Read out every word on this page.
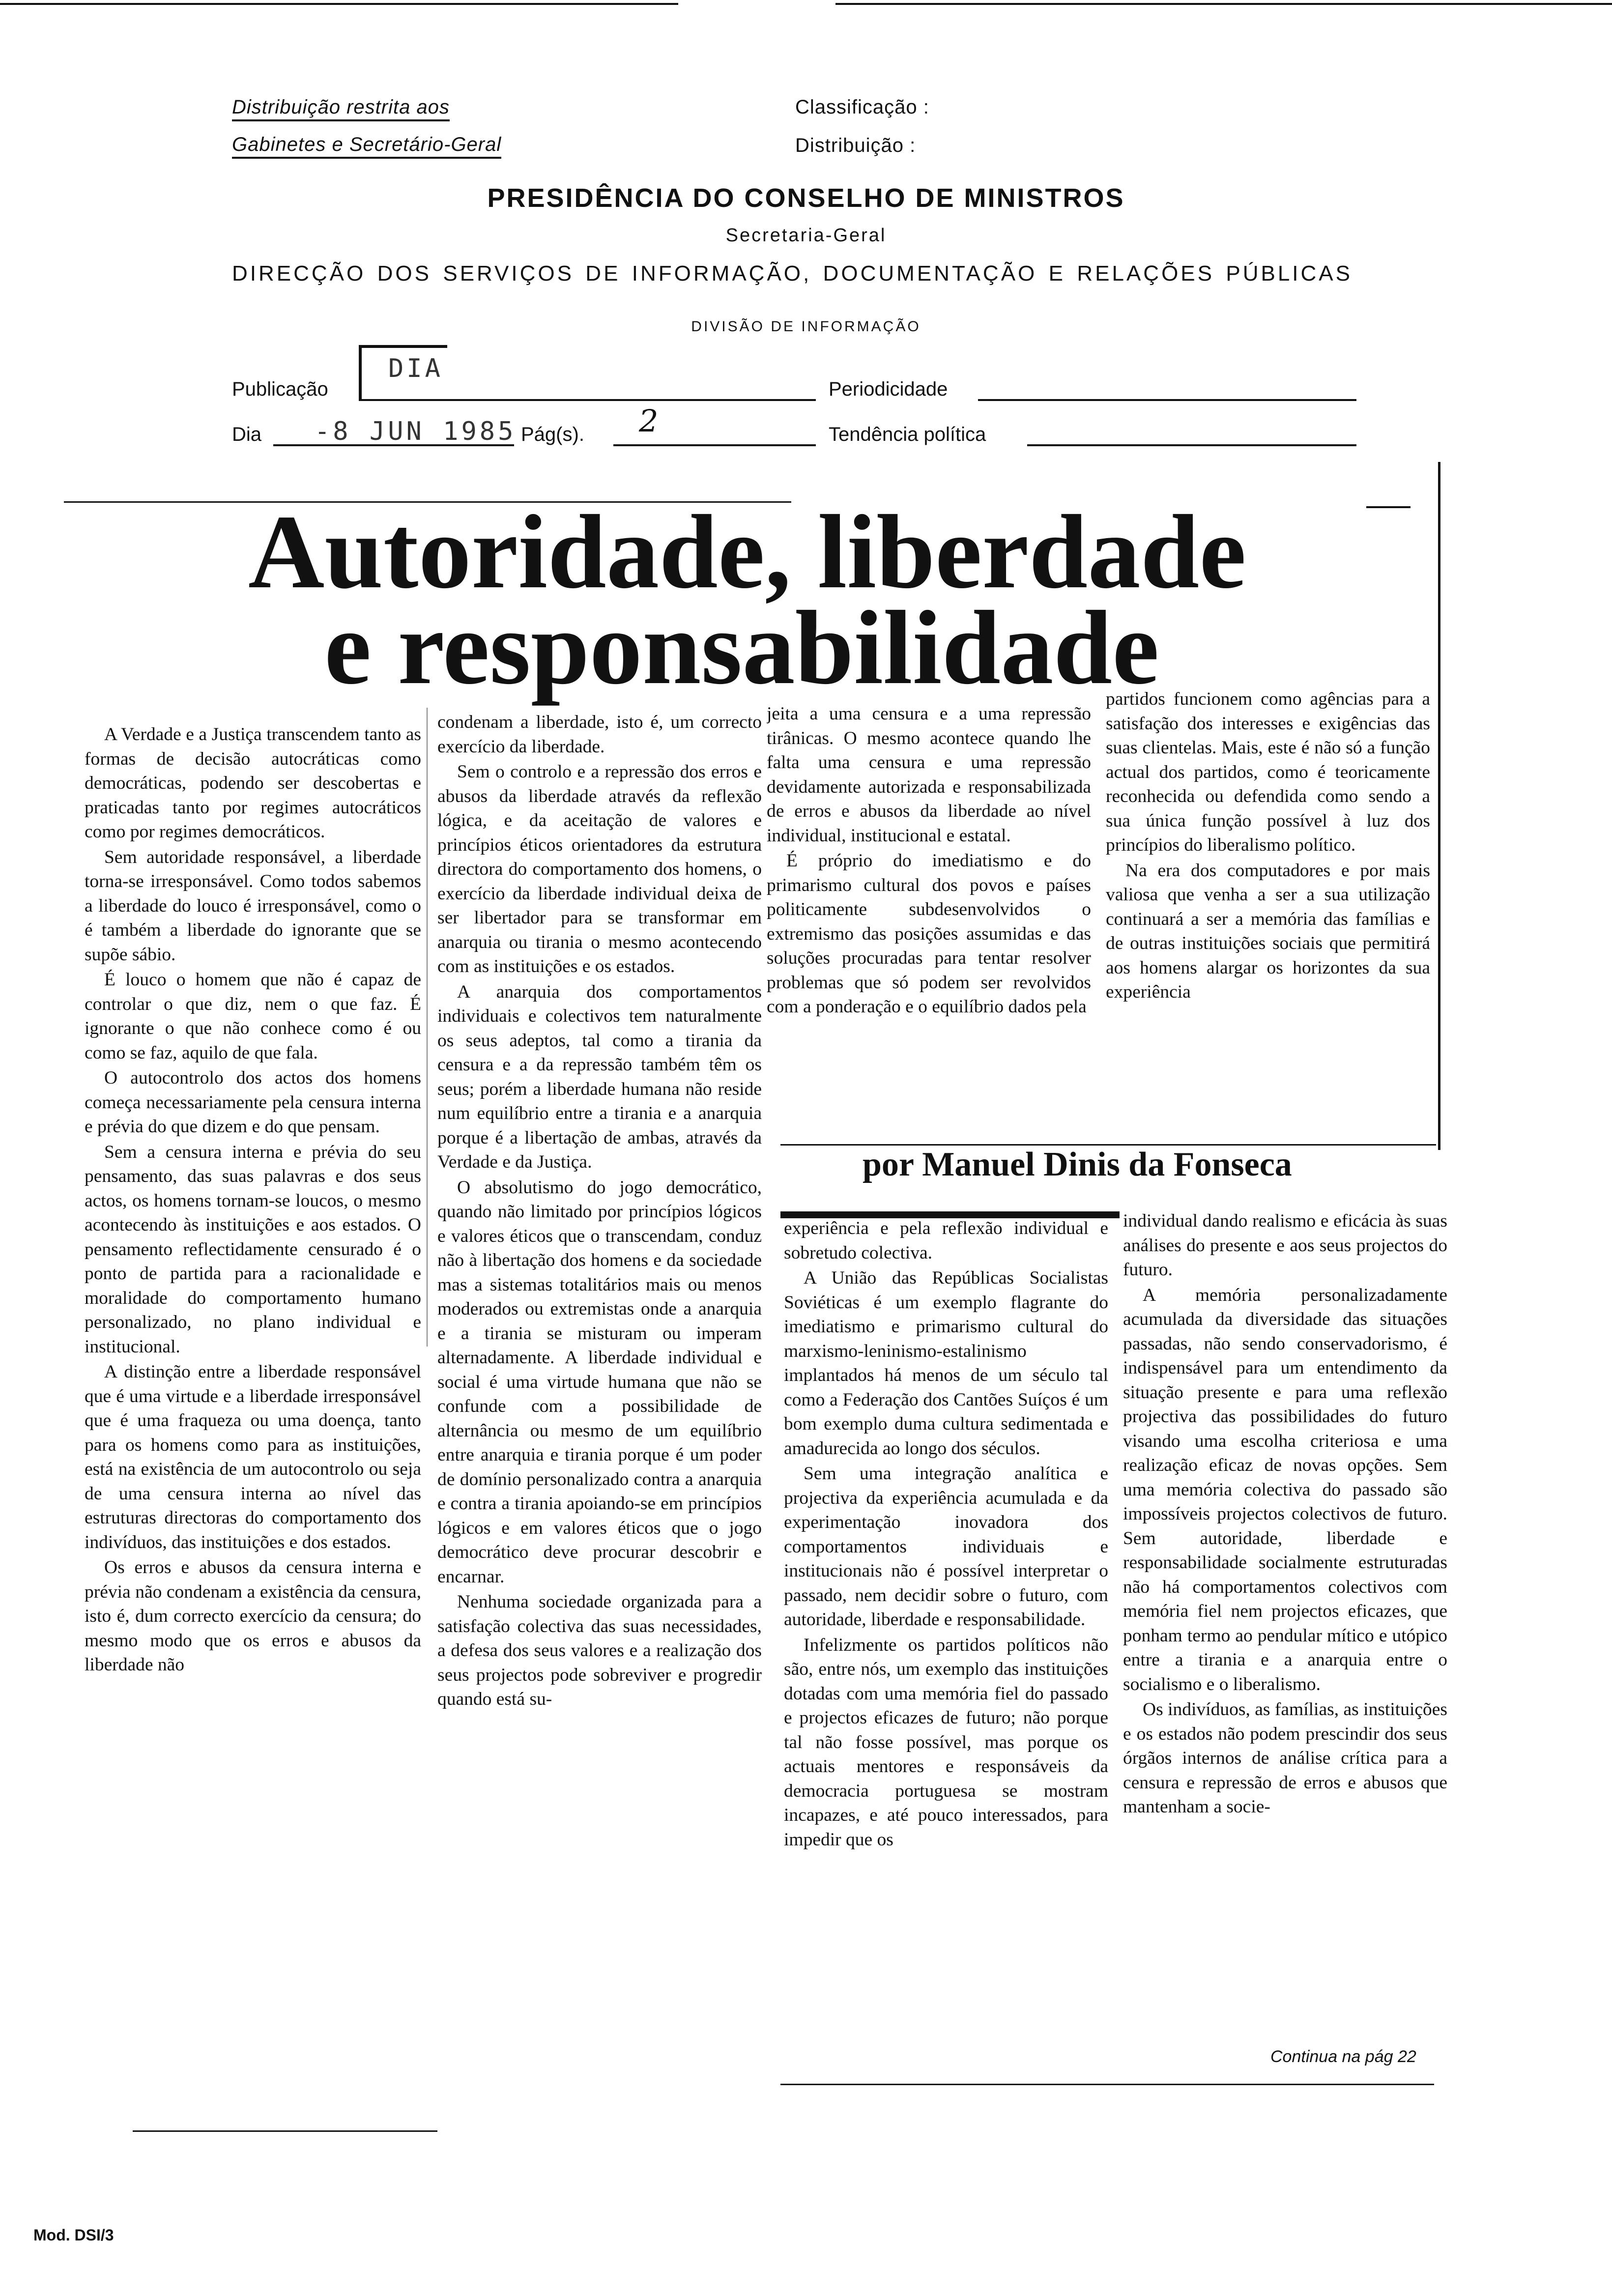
Distribuição restrita aos
Gabinetes e Secretário-Geral
Classificação :
Distribuição :
PRESIDÊNCIA DO CONSELHO DE MINISTROS
Secretaria-Geral
DIRECÇÃO DOS SERVIÇOS DE INFORMAÇÃO, DOCUMENTAÇÃO E RELAÇÕES PÚBLICAS
DIVISÃO DE INFORMAÇÃO
Publicação
DIA
Periodicidade
Dia -8 JUN 1985 Pág(s). 2	Tendência política
Autoridade, liberdade
e responsabilidade

A Verdade e a Justiça transcendem tanto as formas de decisão autocráticas como democráticas, podendo ser descobertas e praticadas tanto por regimes autocráticos como por regimes democráticos.

Sem autoridade responsável, a liberdade torna-se irresponsável. Como todos sabemos a liberdade do louco é irresponsável, como o é também a liberdade do ignorante que se supõe sábio.

É louco o homem que não é capaz de controlar o que diz, nem o que faz. É ignorante o que não conhece como é ou como se faz, aquilo de que fala.

O autocontrolo dos actos dos homens começa necessariamente pela censura interna e prévia do que dizem e do que pensam.

Sem a censura interna e prévia do seu pensamento, das suas palavras e dos seus actos, os homens tornam-se loucos, o mesmo acontecendo às instituições e aos estados. O pensamento reflectidamente censurado é o ponto de partida para a racionalidade e moralidade do comportamento humano personalizado, no plano individual e institucional.

A distinção entre a liberdade responsável que é uma virtude e a liberdade irresponsável que é uma fraqueza ou uma doença, tanto para os homens como para as instituições, está na existência de um autocontrolo ou seja de uma censura interna ao nível das estruturas directoras do comportamento dos indivíduos, das instituições e dos estados.

Os erros e abusos da censura interna e prévia não condenam a existência da censura, isto é, dum correcto exercício da censura; do mesmo modo que os erros e abusos da liberdade não

condenam a liberdade, isto é, um correcto exercício da liberdade.

Sem o controlo e a repressão dos erros e abusos da liberdade através da reflexão lógica, e da aceitação de valores e princípios éticos orientadores da estrutura directora do comportamento dos homens, o exercício da liberdade individual deixa de ser libertador para se transformar em anarquia ou tirania o mesmo acontecendo com as instituições e os estados.

A anarquia dos comportamentos individuais e colectivos tem naturalmente os seus adeptos, tal como a tirania da censura e a da repressão também têm os seus; porém a liberdade humana não reside num equilíbrio entre a tirania e a anarquia porque é a libertação de ambas, através da Verdade e da Justiça.

O absolutismo do jogo democrático, quando não limitado por princípios lógicos e valores éticos que o transcendam, conduz não à libertação dos homens e da sociedade mas a sistemas totalitários mais ou menos moderados ou extremistas onde a anarquia e a tirania se misturam ou imperam alternadamente. A liberdade individual e social é uma virtude humana que não se confunde com a possibilidade de alternância ou mesmo de um equilíbrio entre anarquia e tirania porque é um poder de domínio personalizado contra a anarquia e contra a tirania apoiando-se em princípios lógicos e em valores éticos que o jogo democrático deve procurar descobrir e encarnar.

Nenhuma sociedade organizada para a satisfação colectiva das suas necessidades, a defesa dos seus valores e a realização dos seus projectos pode sobreviver e progredir quando está su-

jeita a uma censura e a uma repressão tirânicas. O mesmo acontece quando lhe falta uma censura e uma repressão devidamente autorizada e responsabilizada de erros e abusos da liberdade ao nível individual, institucional e estatal.

É próprio do imediatismo e do primarismo cultural dos povos e países politicamente subdesenvolvidos o extremismo das posições assumidas e das soluções procuradas para tentar resolver problemas que só podem ser revolvidos com a ponderação e o equilíbrio dados pela

partidos funcionem como agências para a satisfação dos interesses e exigências das suas clientelas. Mais, este é não só a função actual dos partidos, como é teoricamente reconhecida ou defendida como sendo a sua única função possível à luz dos princípios do liberalismo político.

Na era dos computadores e por mais valiosa que venha a ser a sua utilização continuará a ser a memória das famílias e de outras instituições sociais que permitirá aos homens alargar os horizontes da sua experiência

por Manuel Dinis da Fonseca

experiência e pela reflexão individual e sobretudo colectiva.

A União das Repúblicas Socialistas Soviéticas é um exemplo flagrante do imediatismo e primarismo cultural do marxismo-leninismo-estalinismo implantados há menos de um século tal como a Federação dos Cantões Suíços é um bom exemplo duma cultura sedimentada e amadurecida ao longo dos séculos.

Sem uma integração analítica e projectiva da experiência acumulada e da experimentação inovadora dos comportamentos individuais e institucionais não é possível interpretar o passado, nem decidir sobre o futuro, com autoridade, liberdade e responsabilidade.

Infelizmente os partidos políticos não são, entre nós, um exemplo das instituições dotadas com uma memória fiel do passado e projectos eficazes de futuro; não porque tal não fosse possível, mas porque os actuais mentores e responsáveis da democracia portuguesa se mostram incapazes, e até pouco interessados, para impedir que os

individual dando realismo e eficácia às suas análises do presente e aos seus projectos do futuro.

A memória personalizadamente acumulada da diversidade das situações passadas, não sendo conservadorismo, é indispensável para um entendimento da situação presente e para uma reflexão projectiva das possibilidades do futuro visando uma escolha criteriosa e uma realização eficaz de novas opções. Sem uma memória colectiva do passado são impossíveis projectos colectivos de futuro. Sem autoridade, liberdade e responsabilidade socialmente estruturadas não há comportamentos colectivos com memória fiel nem projectos eficazes, que ponham termo ao pendular mítico e utópico entre a tirania e a anarquia entre o socialismo e o liberalismo.

Os indivíduos, as famílias, as instituições e os estados não podem prescindir dos seus órgãos internos de análise crítica para a censura e repressão de erros e abusos que mantenham a socie-

Continua na pág 22
Mod. DSI/3
